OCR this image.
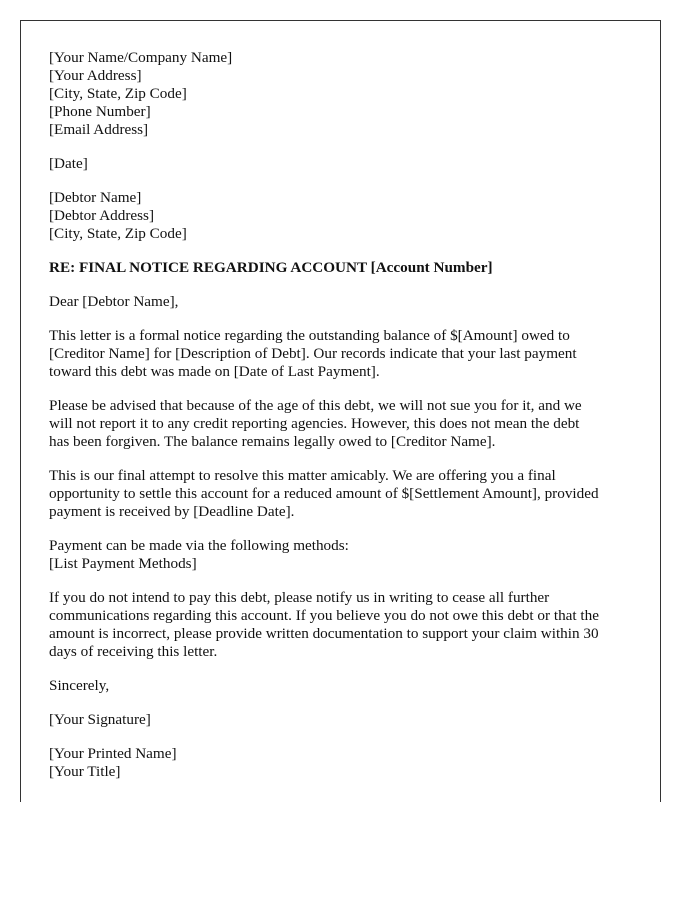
[Your Name/Company Name]
[Your Address]
[City, State, Zip Code]
[Phone Number]
[Email Address]
[Date]
[Debtor Name]
[Debtor Address]
[City, State, Zip Code]
RE: FINAL NOTICE REGARDING ACCOUNT [Account Number]

Dear [Debtor Name],

This letter is a formal notice regarding the outstanding balance of $[Amount] owed to
[Creditor Name] for [Description of Debt]. Our records indicate that your last payment
toward this debt was made on [Date of Last Payment].

Please be advised that because of the age of this debt, we will not sue you for it, and we
will not report it to any credit reporting agencies. However, this does not mean the debt
has been forgiven. The balance remains legally owed to [Creditor Name].

This is our final attempt to resolve this matter amicably. We are offering you a final
opportunity to settle this account for a reduced amount of $[Settlement Amount], provided
payment is received by [Deadline Date].

Payment can be made via the following methods:
[List Payment Methods]

If you do not intend to pay this debt, please notify us in writing to cease all further
communications regarding this account. If you believe you do not owe this debt or that the
amount is incorrect, please provide written documentation to support your claim within 30
days of receiving this letter.

Sincerely,

[Your Signature]

[Your Printed Name]
[Your Title]
